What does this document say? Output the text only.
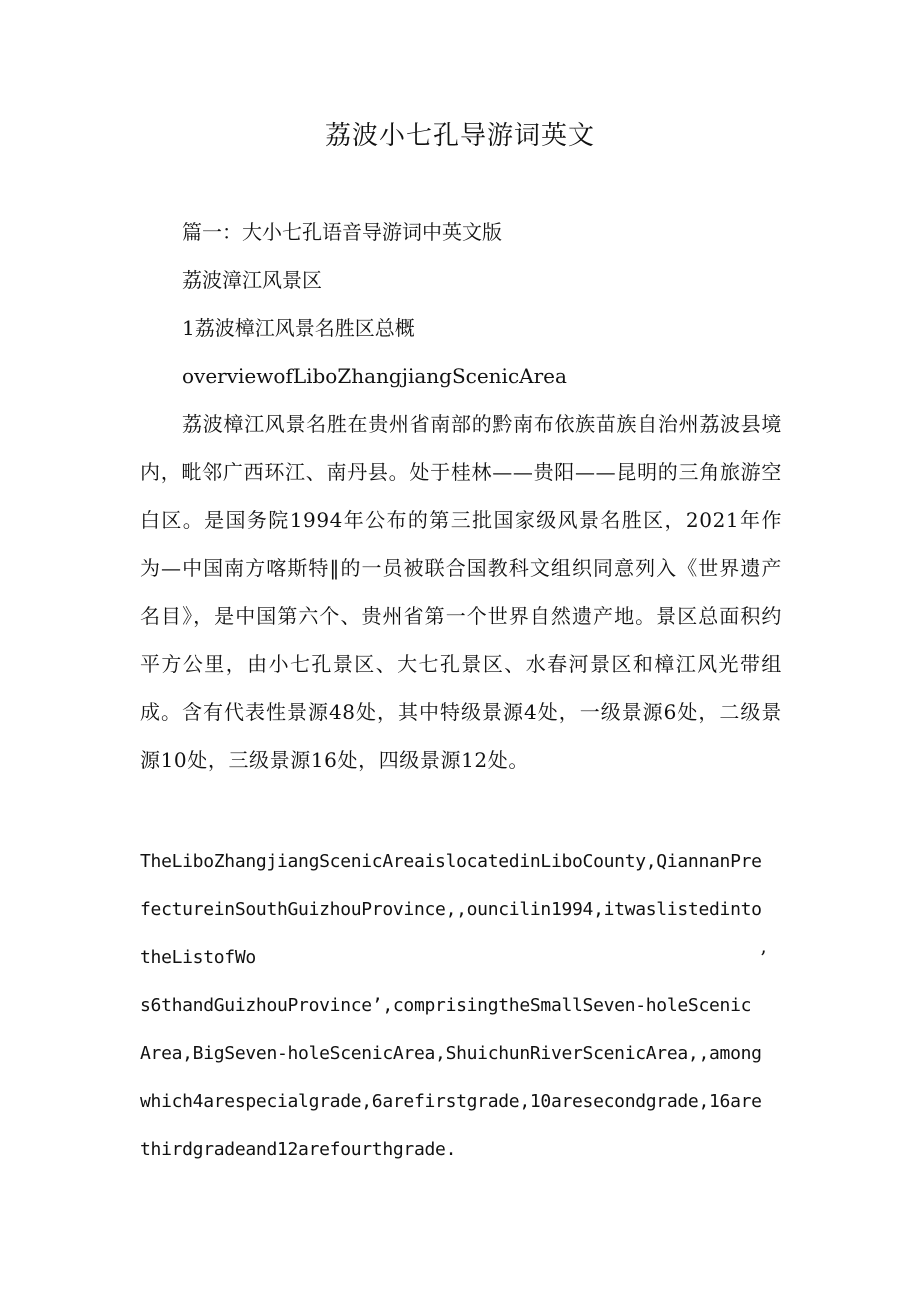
荔波小七孔导游词英文

篇一：大小七孔语音导游词中英文版

荔波漳江风景区

1荔波樟江风景名胜区总概

overviewofLiboZhangjiangScenicArea

荔波樟江风景名胜在贵州省南部的黔南布依族苗族自治州荔波县境内，毗邻广西环江、南丹县。处于桂林——贵阳——昆明的三角旅游空白区。是国务院1994年公布的第三批国家级风景名胜区，2021年作为—中国南方喀斯特‖的一员被联合国教科文组织同意列入《世界遗产名目》，是中国第六个、贵州省第一个世界自然遗产地。景区总面积约平方公里，由小七孔景区、大七孔景区、水春河景区和樟江风光带组成。含有代表性景源48处，其中特级景源4处，一级景源6处，二级景源10处，三级景源16处，四级景源12处。

TheLiboZhangjiangScenicAreaislocatedinLiboCounty,QiannanPre

fectureinSouthGuizhouProvince,,ouncilin1994,itwaslistedinto

theListofWo	’

s6thandGuizhouProvince’,comprisingtheSmallSeven-holeScenic

Area,BigSeven-holeScenicArea,ShuichunRiverScenicArea,,among

which4arespecialgrade,6arefirstgrade,10aresecondgrade,16are

thirdgradeand12arefourthgrade.
